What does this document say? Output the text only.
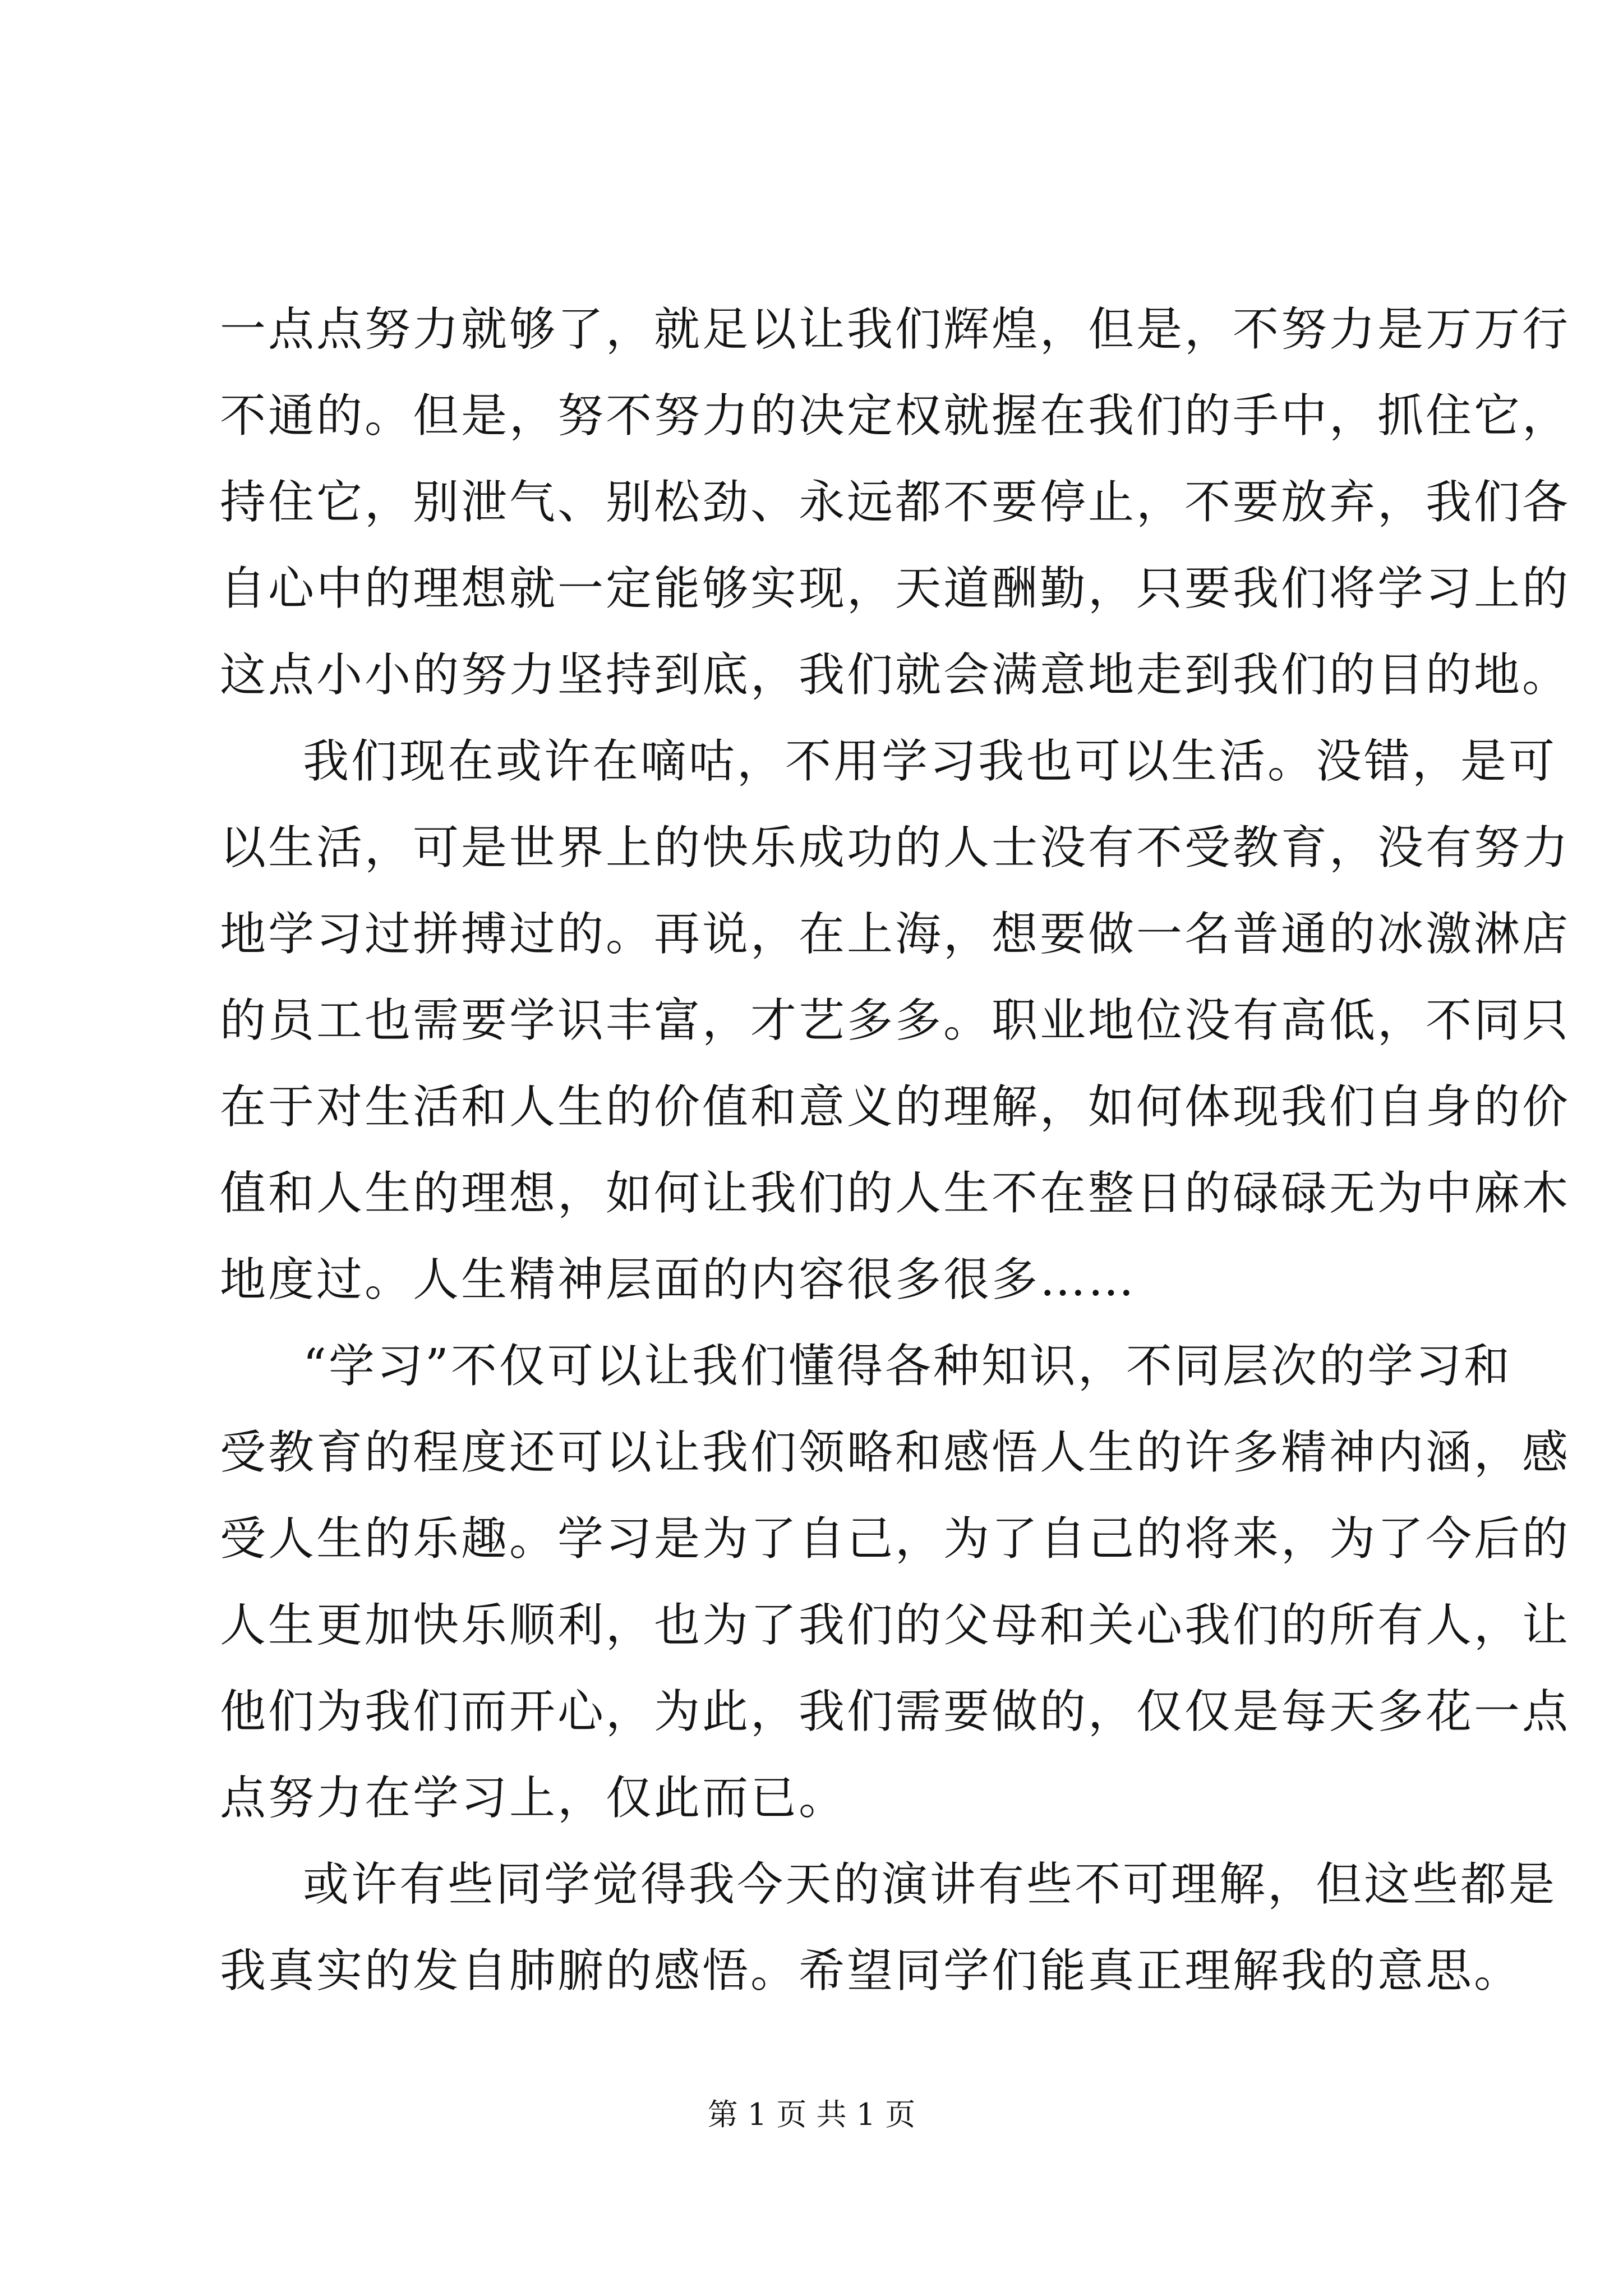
一点点努力就够了，就足以让我们辉煌，但是，不努力是万万行
不通的。但是，努不努力的决定权就握在我们的手中，抓住它，
持住它，别泄气、别松劲、永远都不要停止，不要放弃，我们各
自心中的理想就一定能够实现，天道酬勤，只要我们将学习上的
这点小小的努力坚持到底，我们就会满意地走到我们的目的地。
我们现在或许在嘀咕，不用学习我也可以生活。没错，是可
以生活，可是世界上的快乐成功的人士没有不受教育，没有努力
地学习过拼搏过的。再说，在上海，想要做一名普通的冰激淋店
的员工也需要学识丰富，才艺多多。职业地位没有高低，不同只
在于对生活和人生的价值和意义的理解，如何体现我们自身的价
值和人生的理想，如何让我们的人生不在整日的碌碌无为中麻木
地度过。人生精神层面的内容很多很多……
“学习”不仅可以让我们懂得各种知识，不同层次的学习和
受教育的程度还可以让我们领略和感悟人生的许多精神内涵，感
受人生的乐趣。学习是为了自己，为了自己的将来，为了今后的
人生更加快乐顺利，也为了我们的父母和关心我们的所有人，让
他们为我们而开心，为此，我们需要做的，仅仅是每天多花一点
点努力在学习上，仅此而已。
或许有些同学觉得我今天的演讲有些不可理解，但这些都是
我真实的发自肺腑的感悟。希望同学们能真正理解我的意思。
第 1 页 共 1 页
